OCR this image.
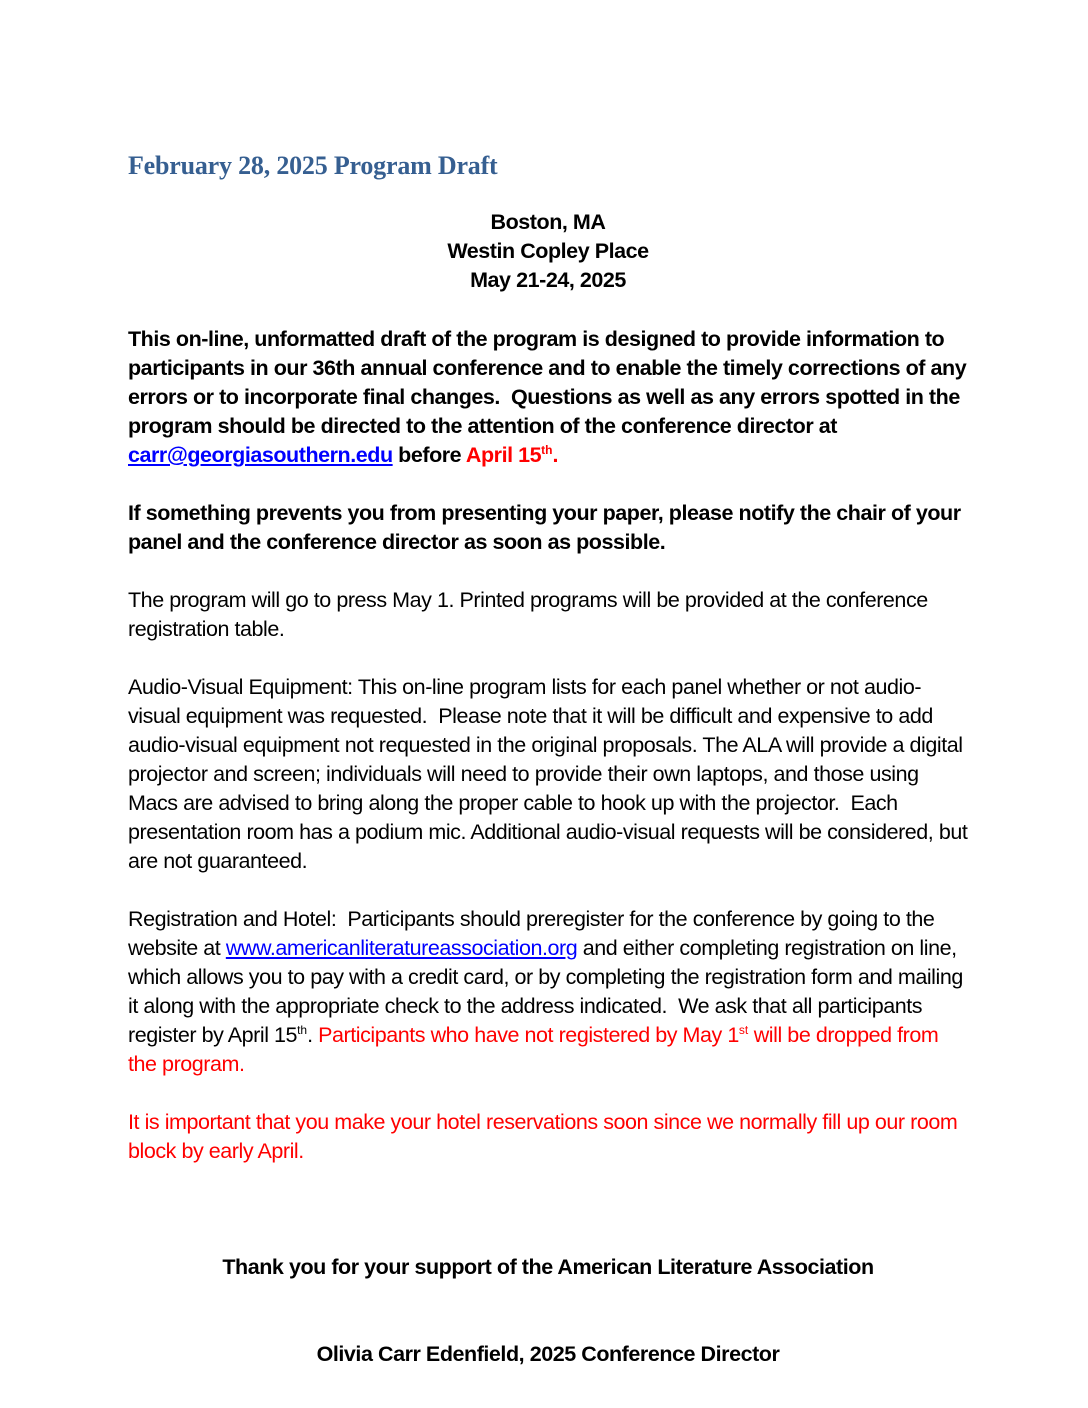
February 28, 2025 Program Draft
Boston, MA
Westin Copley Place
May 21-24, 2025

This on-line, unformatted draft of the program is designed to provide information to participants in our 36th annual conference and to enable the timely corrections of any errors or to incorporate final changes.  Questions as well as any errors spotted in the program should be directed to the attention of the conference director at carr@georgiasouthern.edu before April 15th.

If something prevents you from presenting your paper, please notify the chair of your panel and the conference director as soon as possible.

The program will go to press May 1. Printed programs will be provided at the conference registration table.

Audio-Visual Equipment: This on-line program lists for each panel whether or not audio-visual equipment was requested.  Please note that it will be difficult and expensive to add audio-visual equipment not requested in the original proposals. The ALA will provide a digital projector and screen; individuals will need to provide their own laptops, and those using Macs are advised to bring along the proper cable to hook up with the projector.  Each presentation room has a podium mic. Additional audio-visual requests will be considered, but are not guaranteed.

Registration and Hotel:  Participants should preregister for the conference by going to the website at www.americanliteratureassociation.org and either completing registration on line, which allows you to pay with a credit card, or by completing the registration form and mailing it along with the appropriate check to the address indicated.  We ask that all participants register by April 15th. Participants who have not registered by May 1st will be dropped from the program.

It is important that you make your hotel reservations soon since we normally fill up our room block by early April.

Thank you for your support of the American Literature Association

Olivia Carr Edenfield, 2025 Conference Director
